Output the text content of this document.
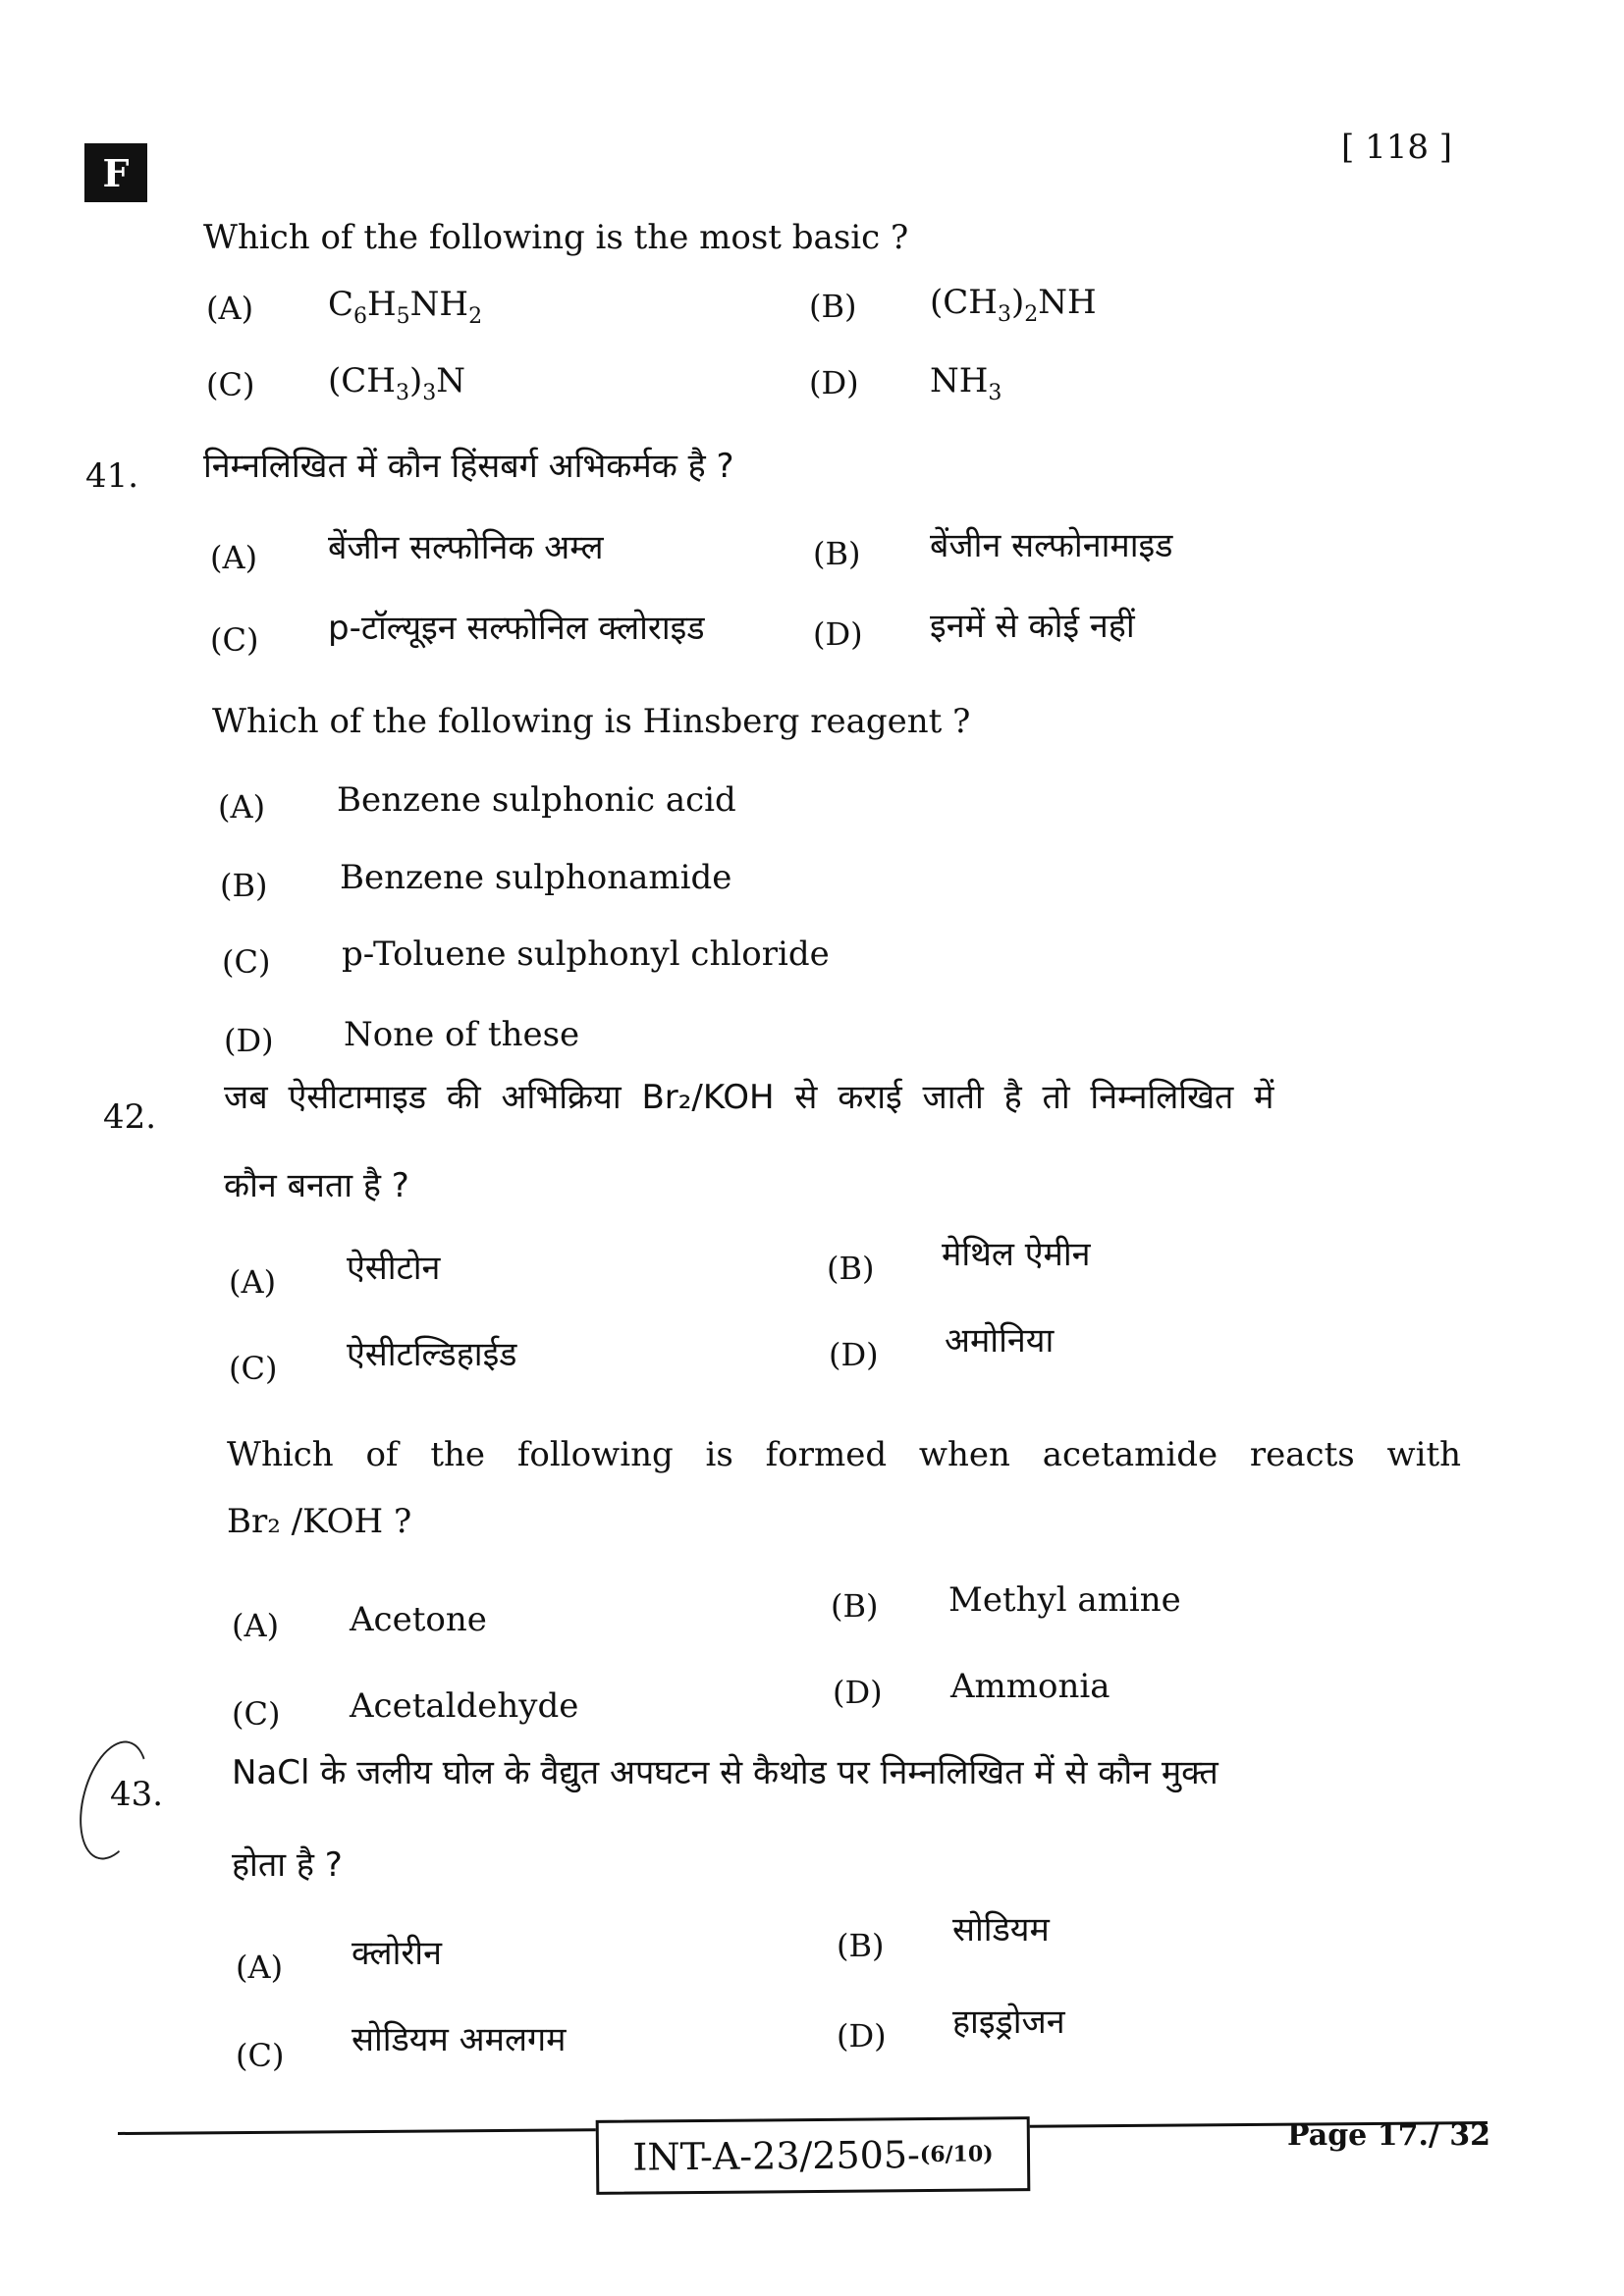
F
[ 118 ]
Which of the following is the most basic ?
(A) $C_6H_5NH_2$	(B) $(CH_3)_2NH$
(C) $(CH_3)_3N$	(D) $NH_3$
41. निम्नलिखित में कौन हिंसबर्ग अभिकर्मक है ?
(A) बेंजीन सल्फोनिक अम्ल	(B) बेंजीन सल्फोनामाइड
(C) p-टॉल्यूइन सल्फोनिल क्लोराइड	(D) इनमें से कोई नहीं
Which of the following is Hinsberg reagent ?
(A) Benzene sulphonic acid
(B) Benzene sulphonamide
(C) p-Toluene sulphonyl chloride
(D) None of these
42. जब ऐसीटामाइड की अभिक्रिया Br₂/KOH से कराई जाती है तो निम्नलिखित में
कौन बनता है ?
(A) ऐसीटोन	(B) मेथिल ऐमीन
(C) ऐसीटल्डिहाईड	(D) अमोनिया
Which of the following is formed when acetamide reacts with
Br₂ /KOH ?
(A) Acetone	(B) Methyl amine
(C) Acetaldehyde	(D) Ammonia
43.
NaCl के जलीय घोल के वैद्युत अपघटन से कैथोड पर निम्नलिखित में से कौन मुक्त
होता है ?
(A) क्लोरीन	(B) सोडियम
(C) सोडियम अमलगम	(D) हाइड्रोजन
INT-A-23/2505- (6/10)
Page 17./ 32
